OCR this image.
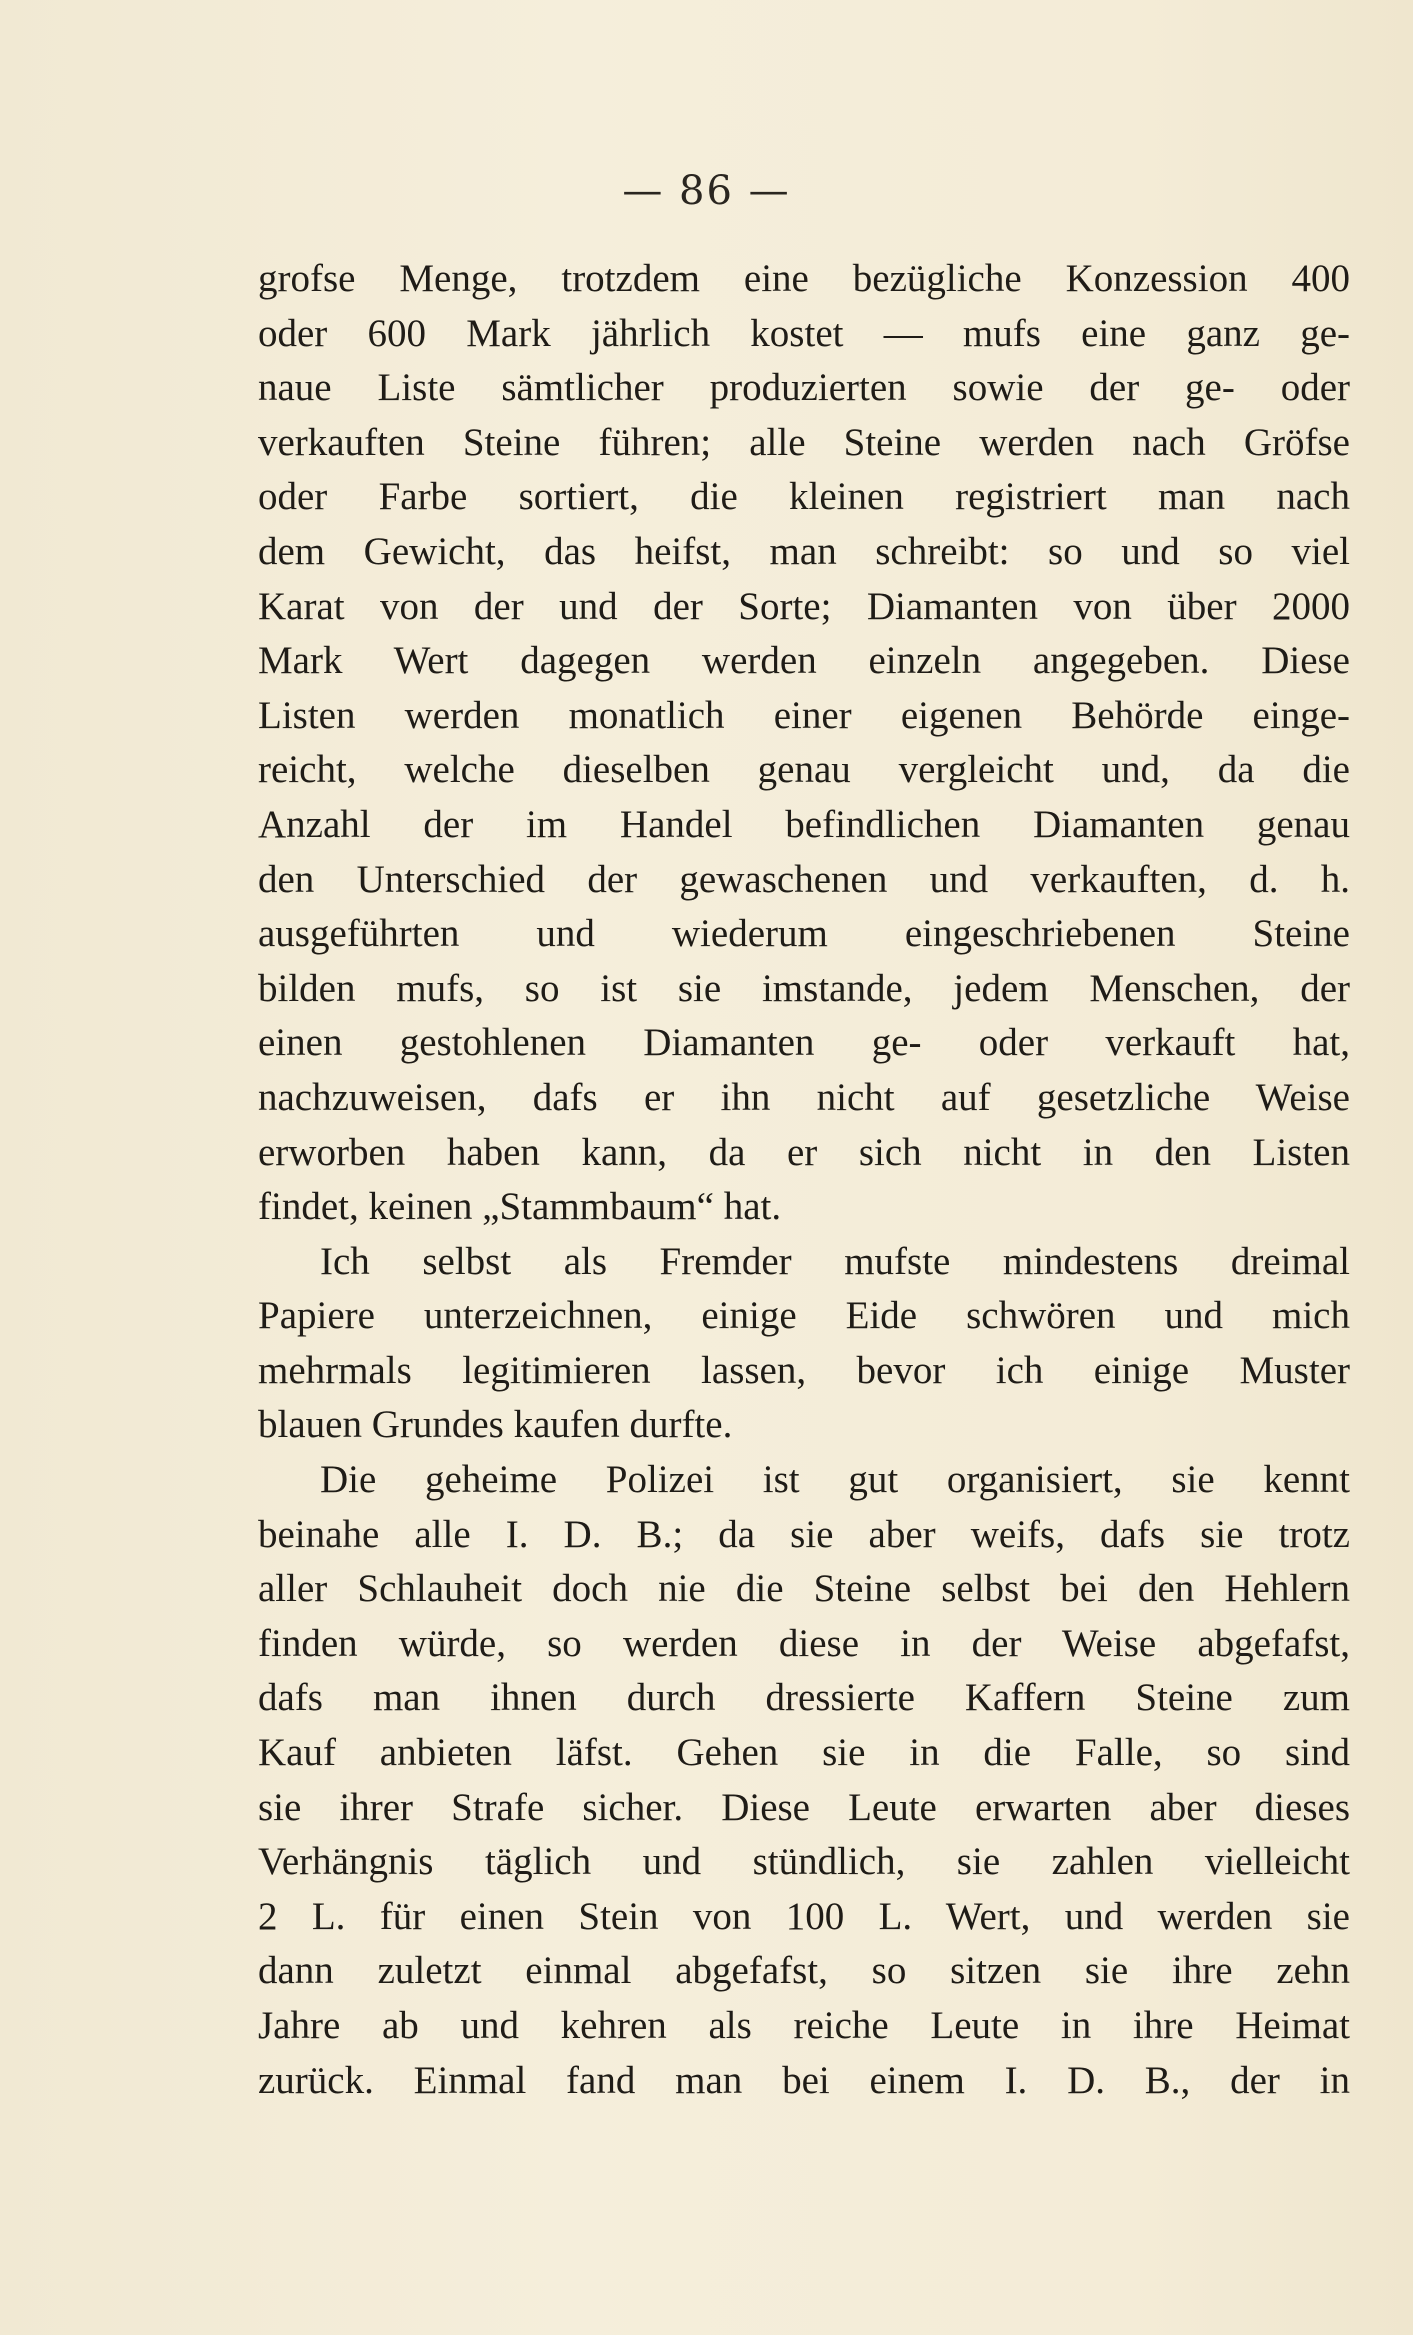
— 86 —
grofse Menge, trotzdem eine bezügliche Konzession 400
oder 600 Mark jährlich kostet — mufs eine ganz ge-
naue Liste sämtlicher produzierten sowie der ge- oder
verkauften Steine führen; alle Steine werden nach Gröfse
oder Farbe sortiert, die kleinen registriert man nach
dem Gewicht, das heifst, man schreibt: so und so viel
Karat von der und der Sorte; Diamanten von über 2000
Mark Wert dagegen werden einzeln angegeben. Diese
Listen werden monatlich einer eigenen Behörde einge-
reicht, welche dieselben genau vergleicht und, da die
Anzahl der im Handel befindlichen Diamanten genau
den Unterschied der gewaschenen und verkauften, d. h.
ausgeführten und wiederum eingeschriebenen Steine
bilden mufs, so ist sie imstande, jedem Menschen, der
einen gestohlenen Diamanten ge- oder verkauft hat,
nachzuweisen, dafs er ihn nicht auf gesetzliche Weise
erworben haben kann, da er sich nicht in den Listen
findet, keinen „Stammbaum“ hat.
Ich selbst als Fremder mufste mindestens dreimal
Papiere unterzeichnen, einige Eide schwören und mich
mehrmals legitimieren lassen, bevor ich einige Muster
blauen Grundes kaufen durfte.
Die geheime Polizei ist gut organisiert, sie kennt
beinahe alle I. D. B.; da sie aber weifs, dafs sie trotz
aller Schlauheit doch nie die Steine selbst bei den Hehlern
finden würde, so werden diese in der Weise abgefafst,
dafs man ihnen durch dressierte Kaffern Steine zum
Kauf anbieten läfst. Gehen sie in die Falle, so sind
sie ihrer Strafe sicher. Diese Leute erwarten aber dieses
Verhängnis täglich und stündlich, sie zahlen vielleicht
2 L. für einen Stein von 100 L. Wert, und werden sie
dann zuletzt einmal abgefafst, so sitzen sie ihre zehn
Jahre ab und kehren als reiche Leute in ihre Heimat
zurück. Einmal fand man bei einem I. D. B., der in
